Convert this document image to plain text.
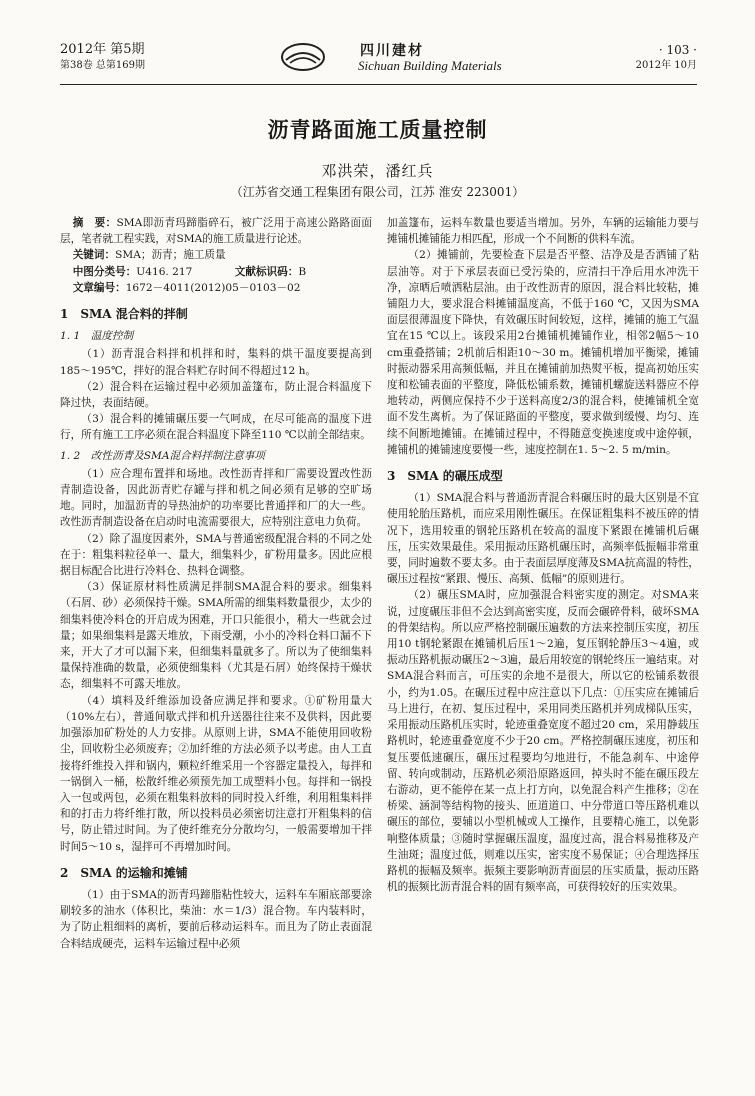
2012年 第5期
第38卷 总第169期
四川建材
Sichuan Building Materials
· 103 ·
2012年 10月
沥青路面施工质量控制
邓洪荣，潘红兵
（江苏省交通工程集团有限公司，江苏 淮安 223001）

摘　要：SMA即沥青玛蹄脂碎石，被广泛用于高速公路路面面层，笔者就工程实践，对SMA的施工质量进行论述。

关键词：SMA；沥青；施工质量

中图分类号：U416. 217    	文献标识码：B

文章编号：1672－4011(2012)05－0103－02

1　SMA 混合料的拌制

1. 1　温度控制

（1）沥青混合料拌和机拌和时，集料的烘干温度要提高到185～195℃，拌好的混合料贮存时间不得超过12 h。

（2）混合料在运输过程中必须加盖篷布，防止混合料温度下降过快，表面结硬。

（3）混合料的摊铺碾压要一气呵成，在尽可能高的温度下进行，所有施工工序必须在混合料温度下降至110 ℃以前全部结束。

1. 2　改性沥青及SMA混合料拌制注意事项

（1）应合理布置拌和场地。改性沥青拌和厂需要设置改性沥青制造设备，因此沥青贮存罐与拌和机之间必须有足够的空旷场地。同时，加温沥青的导热油炉的功率要比普通拌和厂的大一些。改性沥青制造设备在启动时电流需要很大，应特别注意电力负荷。

（2）除了温度因素外，SMA与普通密级配混合料的不同之处在于：粗集料粒径单一、量大，细集料少，矿粉用量多。因此应根据目标配合比进行冷料仓、热料仓调整。

（3）保证原材料性质满足拌制SMA混合料的要求。细集料（石屑、砂）必须保持干燥。SMA所需的细集料数量很少，太少的细集料使冷料仓的开启成为困难，开口只能很小，稍大一些就会过量；如果细集料是露天堆放，下雨受潮，小小的冷料仓料口漏不下来，开大了才可以漏下来，但细集料量就多了。所以为了使细集料量保持准确的数量，必须使细集料（尤其是石屑）始终保持干燥状态，细集料不可露天堆放。

（4）填料及纤维添加设备应满足拌和要求。①矿粉用量大（10%左右），普通间歇式拌和机升送器往往来不及供料，因此要加强添加矿粉处的人力安排。从原则上讲，SMA不能使用回收粉尘，回收粉尘必须废弃；②加纤维的方法必须予以考虑。由人工直接将纤维投入拌和锅内，颗粒纤维采用一个容器定量投入，每拌和一锅倒入一桶，松散纤维必须预先加工成塑料小包。每拌和一锅投入一包或两包，必须在粗集料放料的同时投入纤维，利用粗集料拌和的打击力将纤维打散，所以投料员必须密切注意打开粗集料的信号，防止错过时间。为了使纤维充分分散均匀，一般需要增加干拌时间5～10 s，湿拌可不再增加时间。

2　SMA 的运输和摊铺

（1）由于SMA的沥青玛蹄脂粘性较大，运料车车厢底部要涂刷较多的油水（体积比，柴油：水＝1/3）混合物。车内装料时，为了防止粗细料的离析，要前后移动运料车。而且为了防止表面混合料结成硬壳，运料车运输过程中必须

加盖篷布，运料车数量也要适当增加。另外，车辆的运输能力要与摊铺机摊铺能力相匹配，形成一个不间断的供料车流。

（2）摊铺前，先要检查下层是否平整、洁净及是否洒铺了粘层油等。对于下承层表面已受污染的，应清扫干净后用水冲洗干净，凉晒后喷洒粘层油。由于改性沥青的原因，混合料比较粘，摊铺阻力大，要求混合料摊铺温度高，不低于160 ℃，又因为SMA面层很薄温度下降快，有效碾压时间较短，这样，摊铺的施工气温宜在15 ℃以上。该段采用2台摊铺机摊铺作业，相邻2幅5～10 cm重叠搭铺；2机前后相距10～30 m。摊铺机增加平衡梁，摊铺时振动器采用高频低幅，并且在摊铺前加热熨平板，提高初始压实度和松铺表面的平整度，降低松铺系数，摊铺机螺旋送料器应不停地转动，两侧应保持不少于送料高度2/3的混合料，使摊铺机全宽面不发生离析。为了保证路面的平整度，要求做到缓慢、均匀、连续不间断地摊铺。在摊铺过程中，不得随意变换速度或中途停顿，摊铺机的摊铺速度要慢一些，速度控制在1. 5～2. 5 m/min。

3　SMA 的碾压成型

（1）SMA混合料与普通沥青混合料碾压时的最大区别是不宜使用轮胎压路机，而应采用刚性碾压。在保证粗集料不被压碎的情况下，选用较重的钢轮压路机在较高的温度下紧跟在摊铺机后碾压，压实效果最佳。采用振动压路机碾压时，高频率低振幅非常重要，同时遍数不要太多。由于表面层厚度薄及SMA抗高温的特性，碾压过程按“紧跟、慢压、高频、低幅”的原则进行。

（2）碾压SMA时，应加强混合料密实度的测定。对SMA来说，过度碾压非但不会达到高密实度，反而会碾碎骨料，破坏SMA的骨架结构。所以应严格控制碾压遍数的方法来控制压实度，初压用10 t钢轮紧跟在摊铺机后压1～2遍，复压钢轮静压3～4遍，或振动压路机振动碾压2～3遍，最后用较宽的钢轮终压一遍结束。对SMA混合料而言，可压实的余地不是很大，所以它的松铺系数很小，约为1.05。在碾压过程中应注意以下几点：①压实应在摊铺后马上进行，在初、复压过程中，采用同类压路机并列成梯队压实，采用振动压路机压实时，轮迹重叠宽度不超过20 cm，采用静载压路机时，轮迹重叠宽度不少于20 cm。严格控制碾压速度，初压和复压要低速碾压，碾压过程要均匀地进行，不能急刹车、中途停留、转向或制动，压路机必须沿原路返回，掉头时不能在碾压段左右游动，更不能停在某一点上打方向，以免混合料产生推移；②在桥梁、涵洞等结构物的接头、匝道道口、中分带道口等压路机难以碾压的部位，要辅以小型机械或人工操作，且要精心施工，以免影响整体质量；③随时掌握碾压温度，温度过高，混合料易推移及产生油斑；温度过低，则难以压实，密实度不易保证；④合理选择压路机的振幅及频率。振频主要影响沥青面层的压实质量，振动压路机的振频比沥青混合料的固有频率高，可获得较好的压实效果。
